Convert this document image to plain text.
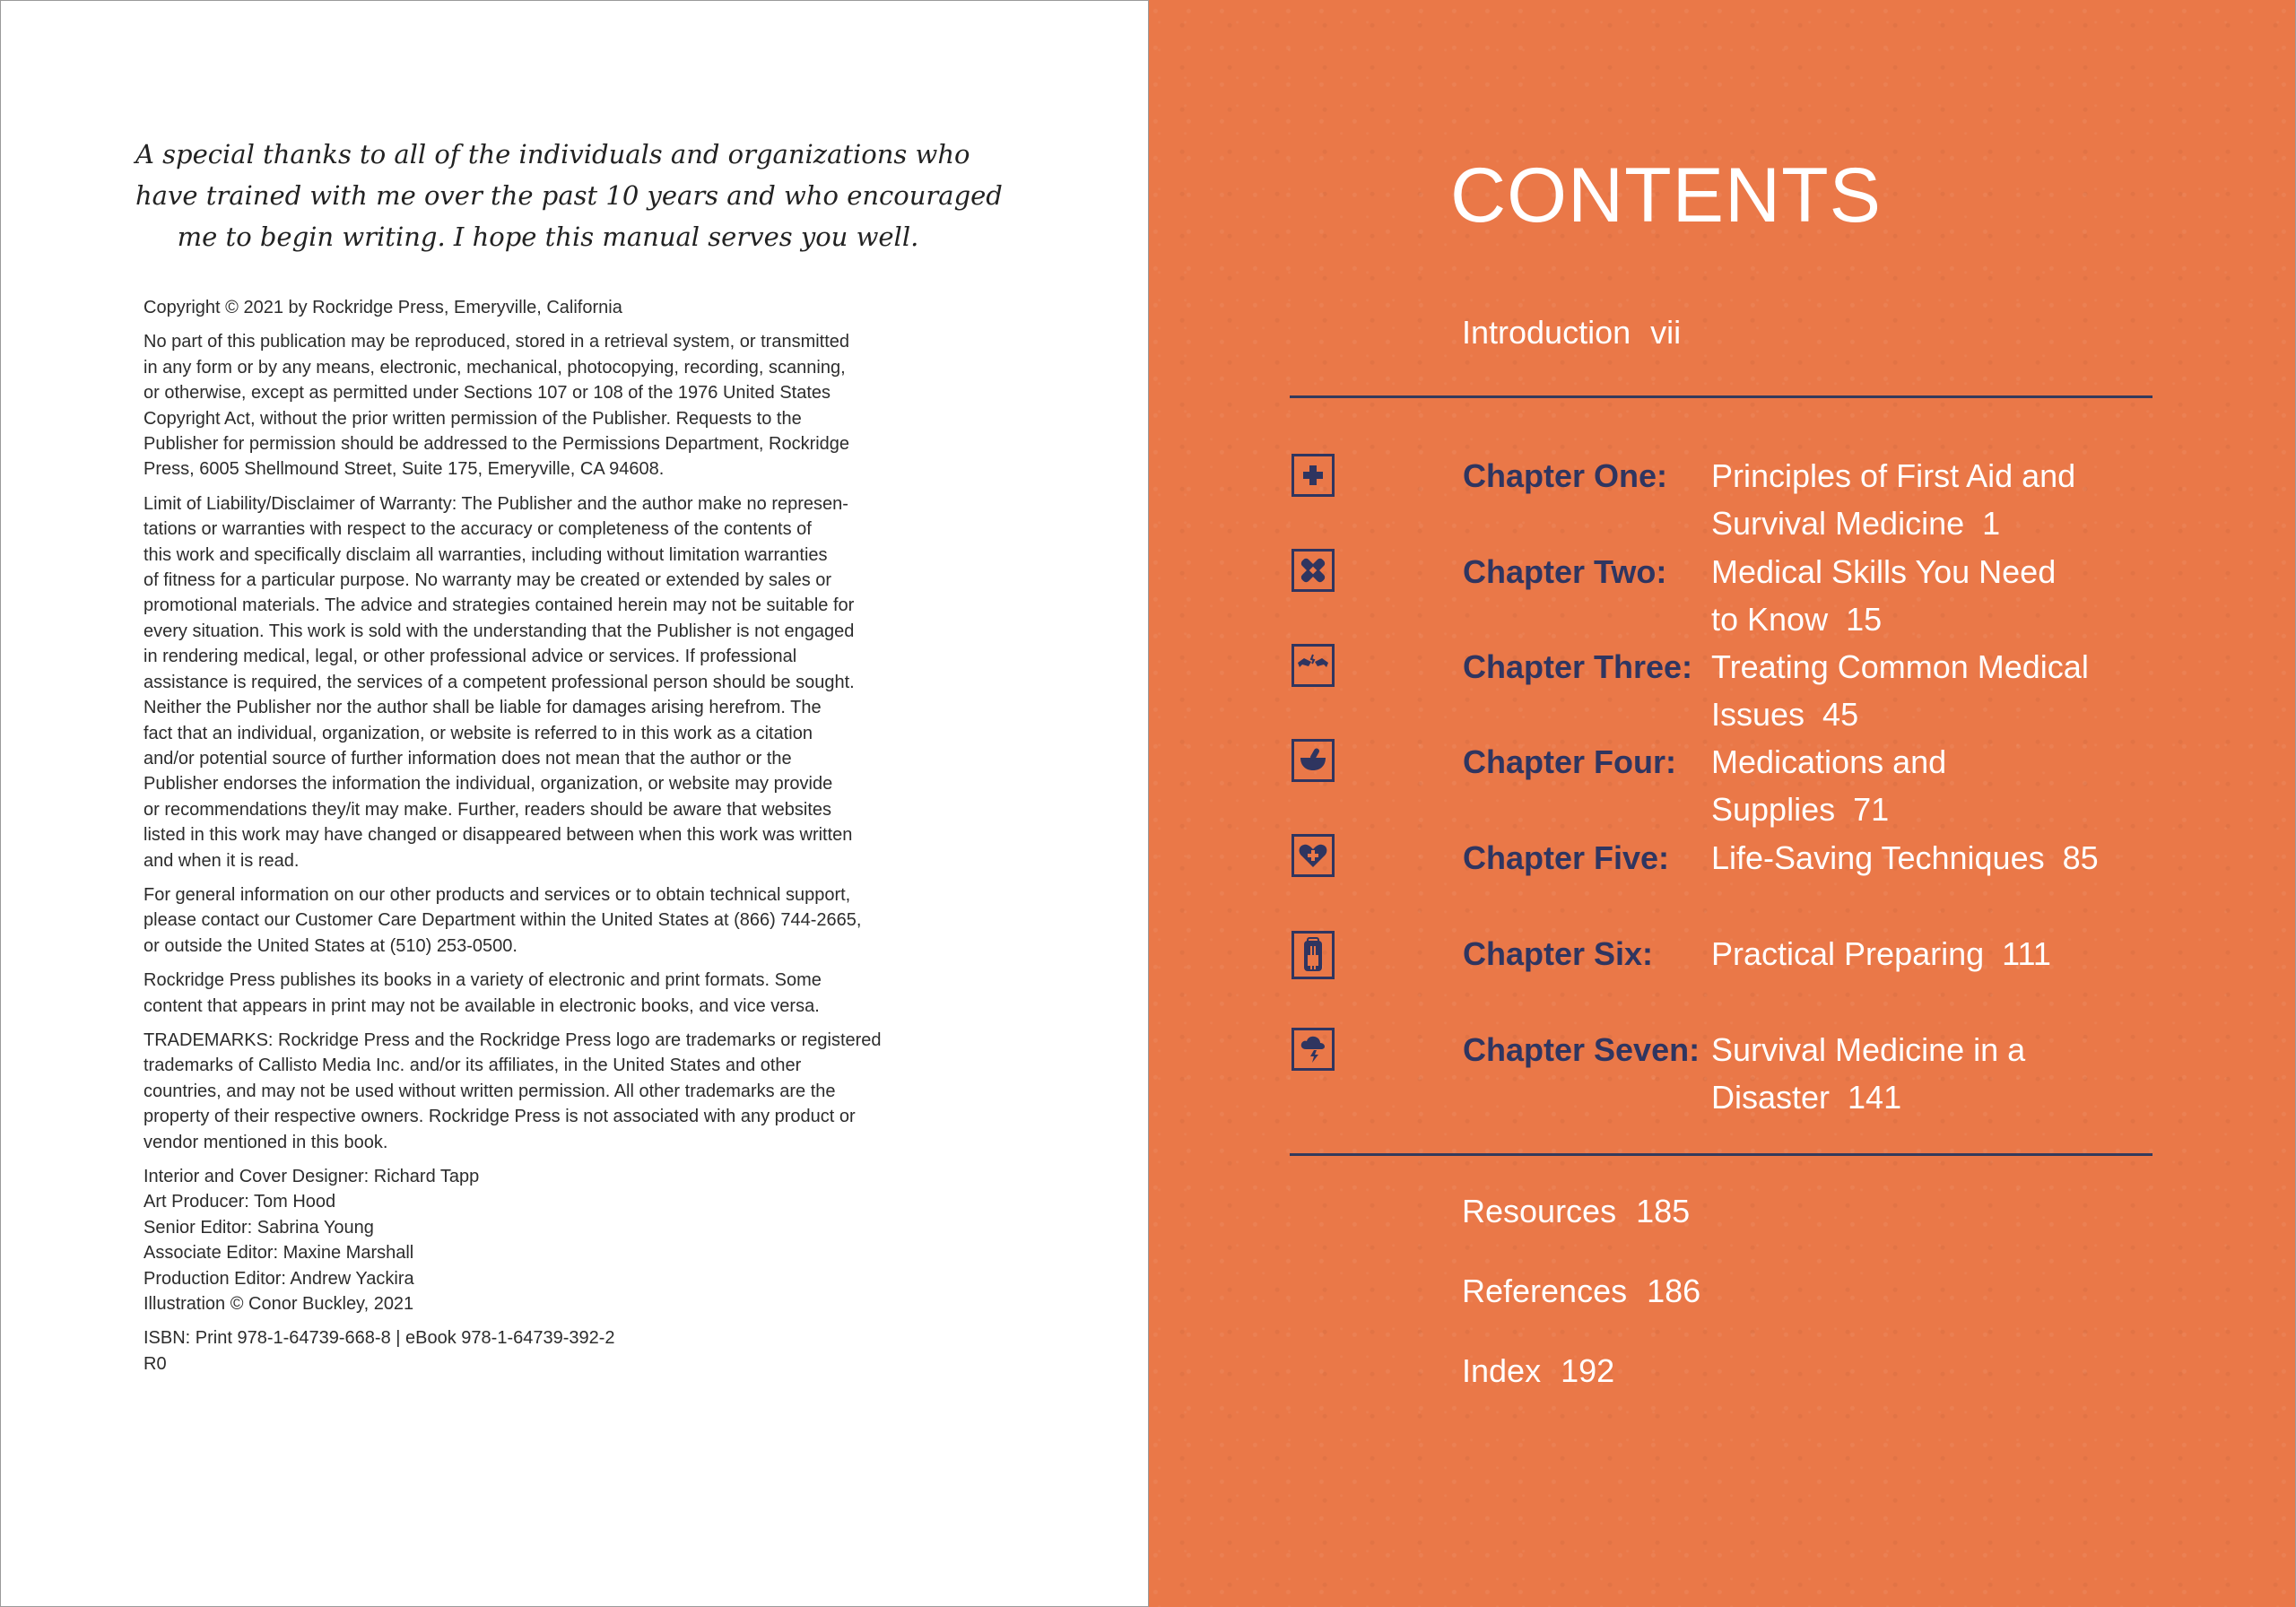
A special thanks to all of the individuals and organizations who
have trained with me over the past 10 years and who encouraged
me to begin writing. I hope this manual serves you well.

Copyright © 2021 by Rockridge Press, Emeryville, California

No part of this publication may be reproduced, stored in a retrieval system, or transmitted
in any form or by any means, electronic, mechanical, photocopying, recording, scanning,
or otherwise, except as permitted under Sections 107 or 108 of the 1976 United States
Copyright Act, without the prior written permission of the Publisher. Requests to the
Publisher for permission should be addressed to the Permissions Department, Rockridge
Press, 6005 Shellmound Street, Suite 175, Emeryville, CA 94608.

Limit of Liability/Disclaimer of Warranty: The Publisher and the author make no represen-
tations or warranties with respect to the accuracy or completeness of the contents of
this work and specifically disclaim all warranties, including without limitation warranties
of fitness for a particular purpose. No warranty may be created or extended by sales or
promotional materials. The advice and strategies contained herein may not be suitable for
every situation. This work is sold with the understanding that the Publisher is not engaged
in rendering medical, legal, or other professional advice or services. If professional
assistance is required, the services of a competent professional person should be sought.
Neither the Publisher nor the author shall be liable for damages arising herefrom. The
fact that an individual, organization, or website is referred to in this work as a citation
and/or potential source of further information does not mean that the author or the
Publisher endorses the information the individual, organization, or website may provide
or recommendations they/it may make. Further, readers should be aware that websites
listed in this work may have changed or disappeared between when this work was written
and when it is read.

For general information on our other products and services or to obtain technical support,
please contact our Customer Care Department within the United States at (866) 744-2665,
or outside the United States at (510) 253-0500.

Rockridge Press publishes its books in a variety of electronic and print formats. Some
content that appears in print may not be available in electronic books, and vice versa.

TRADEMARKS: Rockridge Press and the Rockridge Press logo are trademarks or registered
trademarks of Callisto Media Inc. and/or its affiliates, in the United States and other
countries, and may not be used without written permission. All other trademarks are the
property of their respective owners. Rockridge Press is not associated with any product or
vendor mentioned in this book.

Interior and Cover Designer: Richard Tapp
Art Producer: Tom Hood
Senior Editor: Sabrina Young
Associate Editor: Maxine Marshall
Production Editor: Andrew Yackira
Illustration © Conor Buckley, 2021

ISBN: Print 978-1-64739-668-8 | eBook 978-1-64739-392-2
R0

CONTENTS
Introduction vii
Chapter One: Principles of First Aid and
Survival Medicine 1
Chapter Two: Medical Skills You Need
to Know 15
Chapter Three: Treating Common Medical
Issues 45
Chapter Four: Medications and
Supplies 71
Chapter Five: Life-Saving Techniques 85
Chapter Six: Practical Preparing 111
Chapter Seven: Survival Medicine in a
Disaster 141
Resources 185
References 186
Index 192
